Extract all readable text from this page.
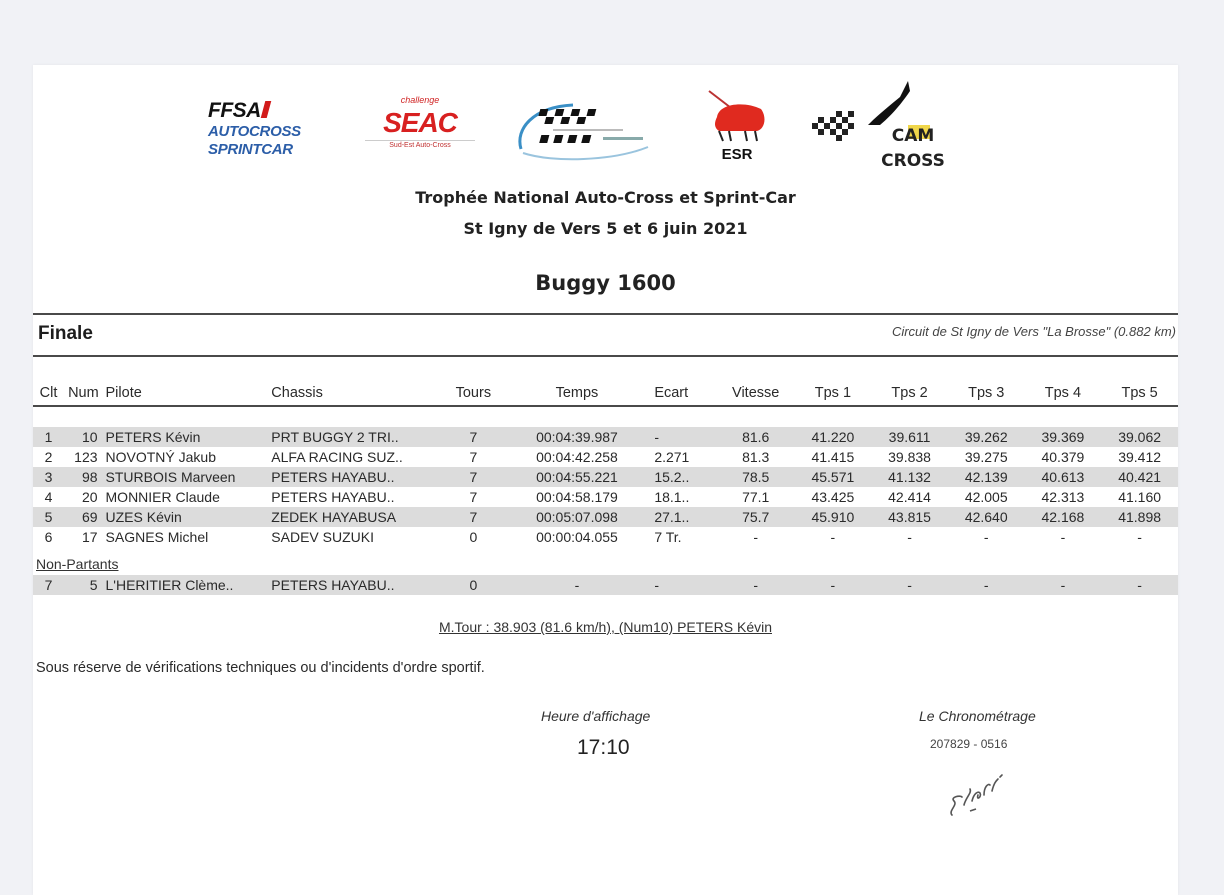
FFSA
AUTOCROSS
SPRINTCAR
challenge
SEAC
Sud-Est Auto-Cross
ESR
CAM
CROSS
Trophée National Auto-Cross et Sprint-Car
St Igny de Vers 5 et 6 juin 2021
Buggy 1600
Finale	Circuit de St Igny de Vers "La Brosse" (0.882 km)
Clt	Num	Pilote	Chassis	Tours	Temps	Ecart	Vitesse	Tps 1	Tps 2	Tps 3	Tps 4	Tps 5

1	10	PETERS Kévin	PRT BUGGY 2 TRI..	7	00:04:39.987	-	81.6	41.220	39.611	39.262	39.369	39.062
2	123	NOVOTNÝ Jakub	ALFA RACING SUZ..	7	00:04:42.258	2.271	81.3	41.415	39.838	39.275	40.379	39.412
3	98	STURBOIS Marveen	PETERS HAYABU..	7	00:04:55.221	15.2..	78.5	45.571	41.132	42.139	40.613	40.421
4	20	MONNIER Claude	PETERS HAYABU..	7	00:04:58.179	18.1..	77.1	43.425	42.414	42.005	42.313	41.160
5	69	UZES Kévin	ZEDEK HAYABUSA	7	00:05:07.098	27.1..	75.7	45.910	43.815	42.640	42.168	41.898
6	17	SAGNES Michel	SADEV SUZUKI	0	00:00:04.055	7 Tr.	-	-	-	-	-	-
Non-Partants
7	5	L'HERITIER Clème..	PETERS HAYABU..	0	-	-	-	-	-	-	-	-
M.Tour : 38.903 (81.6 km/h), (Num10) PETERS Kévin
Sous réserve de vérifications techniques ou d'incidents d'ordre sportif.
Heure d'affichage
17:10
Le Chronométrage
207829 - 0516
